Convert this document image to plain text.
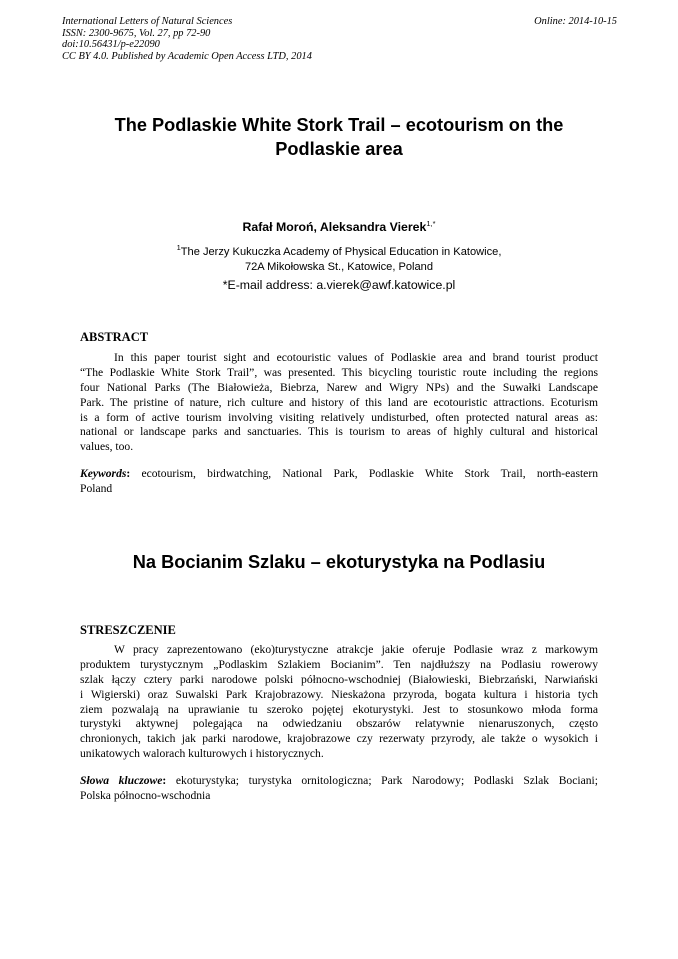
International Letters of Natural Sciences
ISSN: 2300-9675, Vol. 27, pp 72-90
doi:10.56431/p-e22090
CC BY 4.0. Published by Academic Open Access LTD, 2014
Online: 2014-10-15
The Podlaskie White Stork Trail – ecotourism on the
Podlaskie area
Rafał Moroń, Aleksandra Vierek$^{1,*}$
$^1$The Jerzy Kukuczka Academy of Physical Education in Katowice,
72A Mikołowska St., Katowice, Poland
*E-mail address: a.vierek@awf.katowice.pl
ABSTRACT
In this paper tourist sight and ecotouristic values of Podlaskie area and brand tourist product
“The Podlaskie White Stork Trail”, was presented. This bicycling touristic route including the regions
four National Parks (The Białowieża, Biebrza, Narew and Wigry NPs) and the Suwałki Landscape
Park. The pristine of nature, rich culture and history of this land are ecotouristic attractions. Ecoturism
is a form of active tourism involving visiting relatively undisturbed, often protected natural areas as:
national or landscape parks and sanctuaries. This is tourism to areas of highly cultural and historical
values, too.
Keywords: ecotourism, birdwatching, National Park, Podlaskie White Stork Trail, north-eastern
Poland
Na Bocianim Szlaku – ekoturystyka na Podlasiu
STRESZCZENIE
W pracy zaprezentowano (eko)turystyczne atrakcje jakie oferuje Podlasie wraz z markowym
produktem turystycznym „Podlaskim Szlakiem Bocianim”. Ten najdłuższy na Podlasiu rowerowy
szlak łączy cztery parki narodowe polski północno-wschodniej (Białowieski, Biebrzański, Narwiański
i Wigierski) oraz Suwalski Park Krajobrazowy. Nieskażona przyroda, bogata kultura i historia tych
ziem pozwalają na uprawianie tu szeroko pojętej ekoturystyki. Jest to stosunkowo młoda forma
turystyki aktywnej polegająca na odwiedzaniu obszarów relatywnie nienaruszonych, często
chronionych, takich jak parki narodowe, krajobrazowe czy rezerwaty przyrody, ale także o wysokich i
unikatowych walorach kulturowych i historycznych.
Słowa kluczowe: ekoturystyka; turystyka ornitologiczna; Park Narodowy; Podlaski Szlak Bociani;
Polska północno-wschodnia
